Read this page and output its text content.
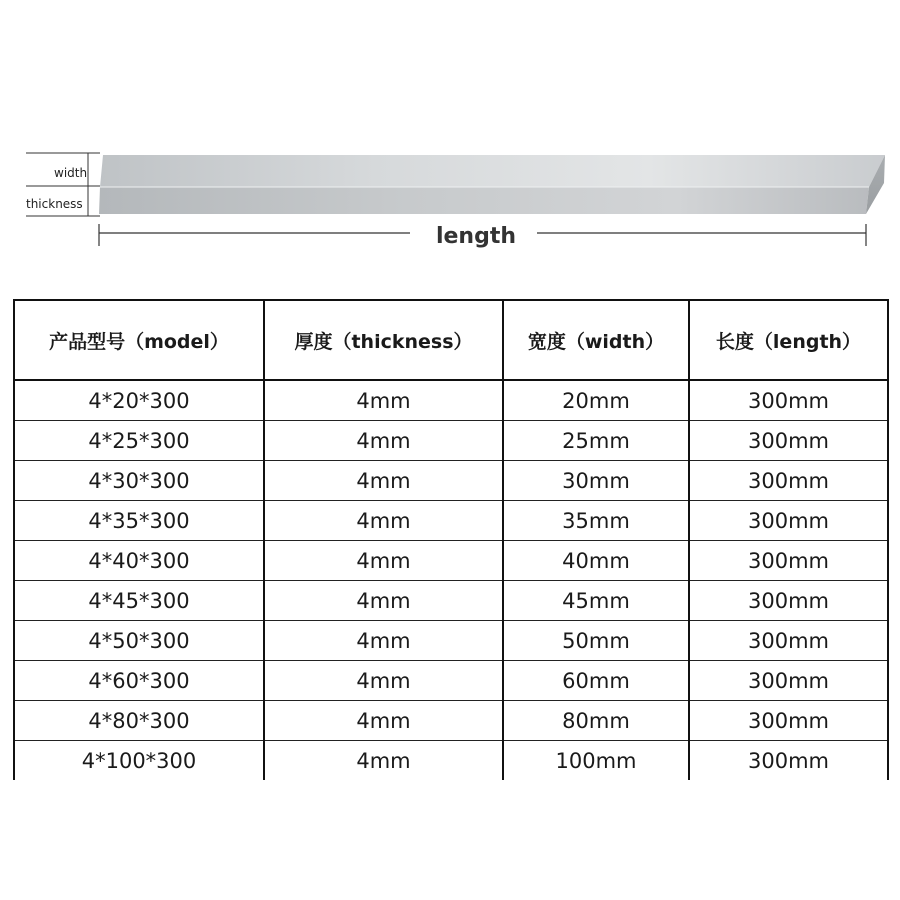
width
thickness
length
产品型号（model）	厚度（thickness）	宽度（width）	长度（length）
4*20*300	4mm	20mm	300mm
4*25*300	4mm	25mm	300mm
4*30*300	4mm	30mm	300mm
4*35*300	4mm	35mm	300mm
4*40*300	4mm	40mm	300mm
4*45*300	4mm	45mm	300mm
4*50*300	4mm	50mm	300mm
4*60*300	4mm	60mm	300mm
4*80*300	4mm	80mm	300mm
4*100*300	4mm	100mm	300mm
